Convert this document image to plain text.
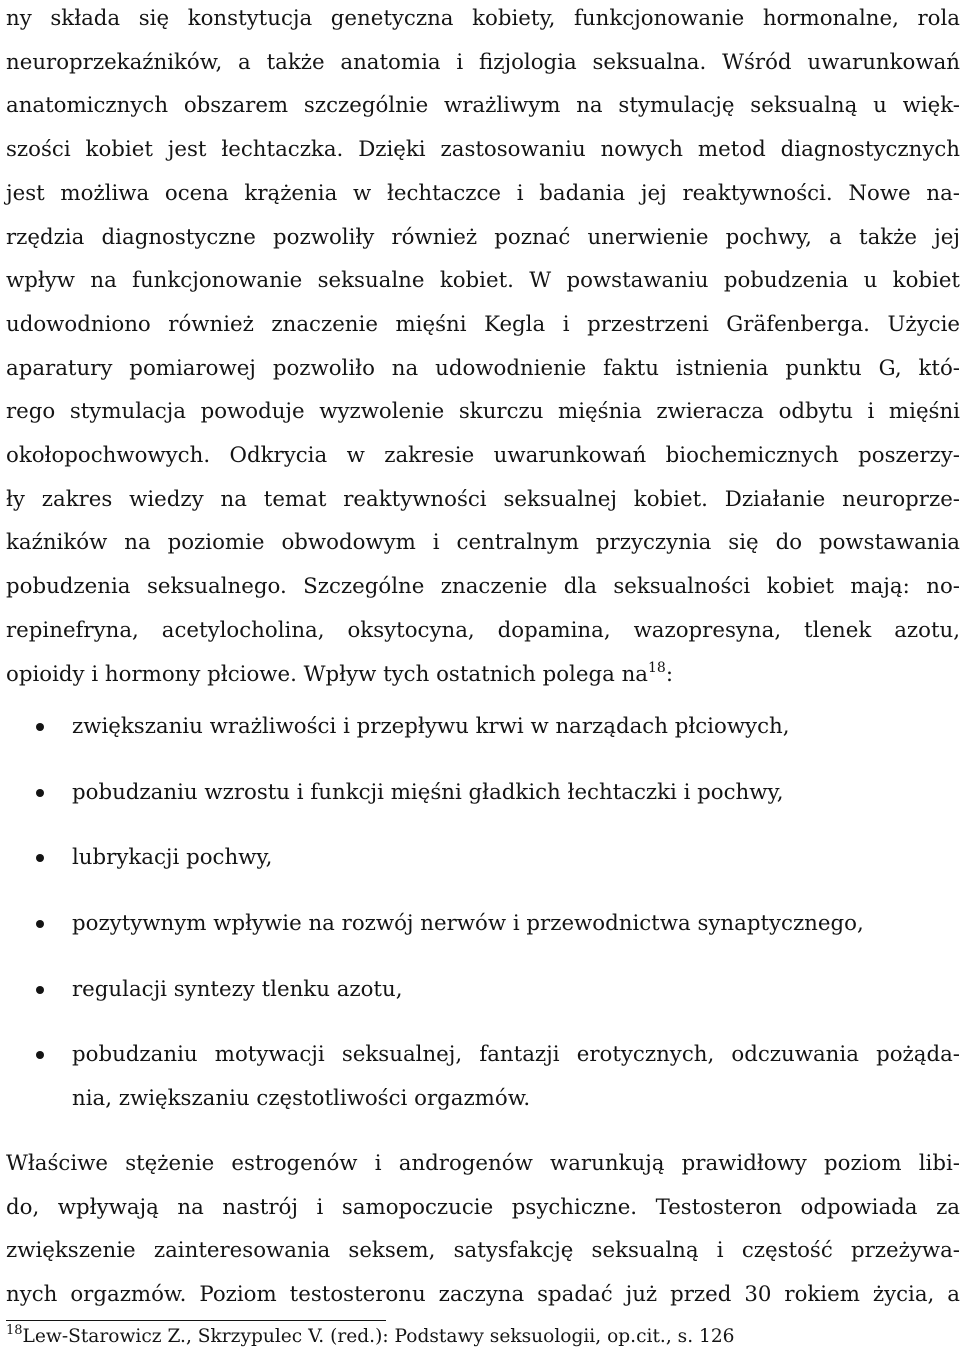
ny składa się konstytucja genetyczna kobiety, funkcjonowanie hormonalne, rola
neuroprzekaźników, a także anatomia i fizjologia seksualna. Wśród uwarunkowań
anatomicznych obszarem szczególnie wrażliwym na stymulację seksualną u więk-
szości kobiet jest łechtaczka. Dzięki zastosowaniu nowych metod diagnostycznych
jest możliwa ocena krążenia w łechtaczce i badania jej reaktywności. Nowe na-
rzędzia diagnostyczne pozwoliły również poznać unerwienie pochwy, a także jej
wpływ na funkcjonowanie seksualne kobiet. W powstawaniu pobudzenia u kobiet
udowodniono również znaczenie mięśni Kegla i przestrzeni Gräfenberga. Użycie
aparatury pomiarowej pozwoliło na udowodnienie faktu istnienia punktu G, któ-
rego stymulacja powoduje wyzwolenie skurczu mięśnia zwieracza odbytu i mięśni
okołopochwowych. Odkrycia w zakresie uwarunkowań biochemicznych poszerzy-
ły zakres wiedzy na temat reaktywności seksualnej kobiet. Działanie neuroprze-
kaźników na poziomie obwodowym i centralnym przyczynia się do powstawania
pobudzenia seksualnego. Szczególne znaczenie dla seksualności kobiet mają: no-
repinefryna, acetylocholina, oksytocyna, dopamina, wazopresyna, tlenek azotu,
opioidy i hormony płciowe. Wpływ tych ostatnich polega $na^{18}$:
zwiększaniu wrażliwości i przepływu krwi w narządach płciowych,
pobudzaniu wzrostu i funkcji mięśni gładkich łechtaczki i pochwy,
lubrykacji pochwy,
pozytywnym wpływie na rozwój nerwów i przewodnictwa synaptycznego,
regulacji syntezy tlenku azotu,
pobudzaniu motywacji seksualnej, fantazji erotycznych, odczuwania pożąda-
nia, zwiększaniu częstotliwości orgazmów.
Właściwe stężenie estrogenów i androgenów warunkują prawidłowy poziom libi-
do, wpływają na nastrój i samopoczucie psychiczne. Testosteron odpowiada za
zwiększenie zainteresowania seksem, satysfakcję seksualną i częstość przeżywa-
nych orgazmów. Poziom testosteronu zaczyna spadać już przed 30 rokiem życia, a
$^{18}$Lew-Starowicz Z., Skrzypulec V. (red.): Podstawy seksuologii, op.cit., s. 126
